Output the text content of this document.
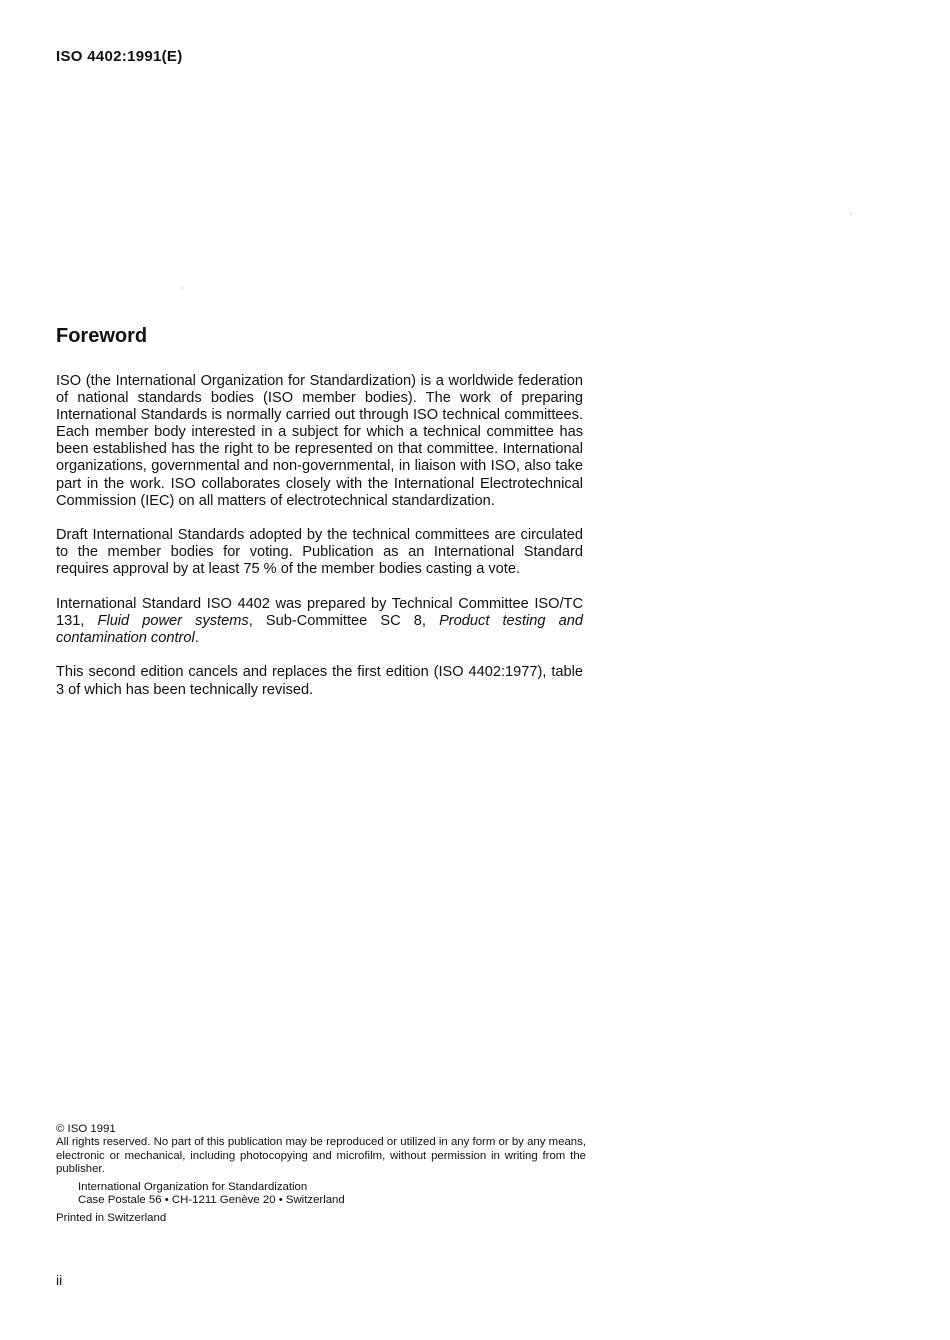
ISO 4402:1991(E)
Foreword

ISO (the International Organization for Standardization) is a worldwide federation of national standards bodies (ISO member bodies). The work of preparing International Standards is normally carried out through ISO technical committees. Each member body interested in a subject for which a technical committee has been established has the right to be represented on that committee. International organizations, governmental and non-governmental, in liaison with ISO, also take part in the work. ISO collaborates closely with the International Electrotechnical Commission (IEC) on all matters of electrotechnical standardization.

Draft International Standards adopted by the technical committees are circulated to the member bodies for voting. Publication as an International Standard requires approval by at least 75 % of the member bodies casting a vote.

International Standard ISO 4402 was prepared by Technical Committee ISO/TC 131, Fluid power systems, Sub-Committee SC 8, Product testing and contamination control.

This second edition cancels and replaces the first edition (ISO 4402:1977), table 3 of which has been technically revised.

© ISO 1991

All rights reserved. No part of this publication may be reproduced or utilized in any form or by any means, electronic or mechanical, including photocopying and microfilm, without permission in writing from the publisher.

International Organization for Standardization
Case Postale 56 • CH-1211 Genève 20 • Switzerland

Printed in Switzerland

ii
